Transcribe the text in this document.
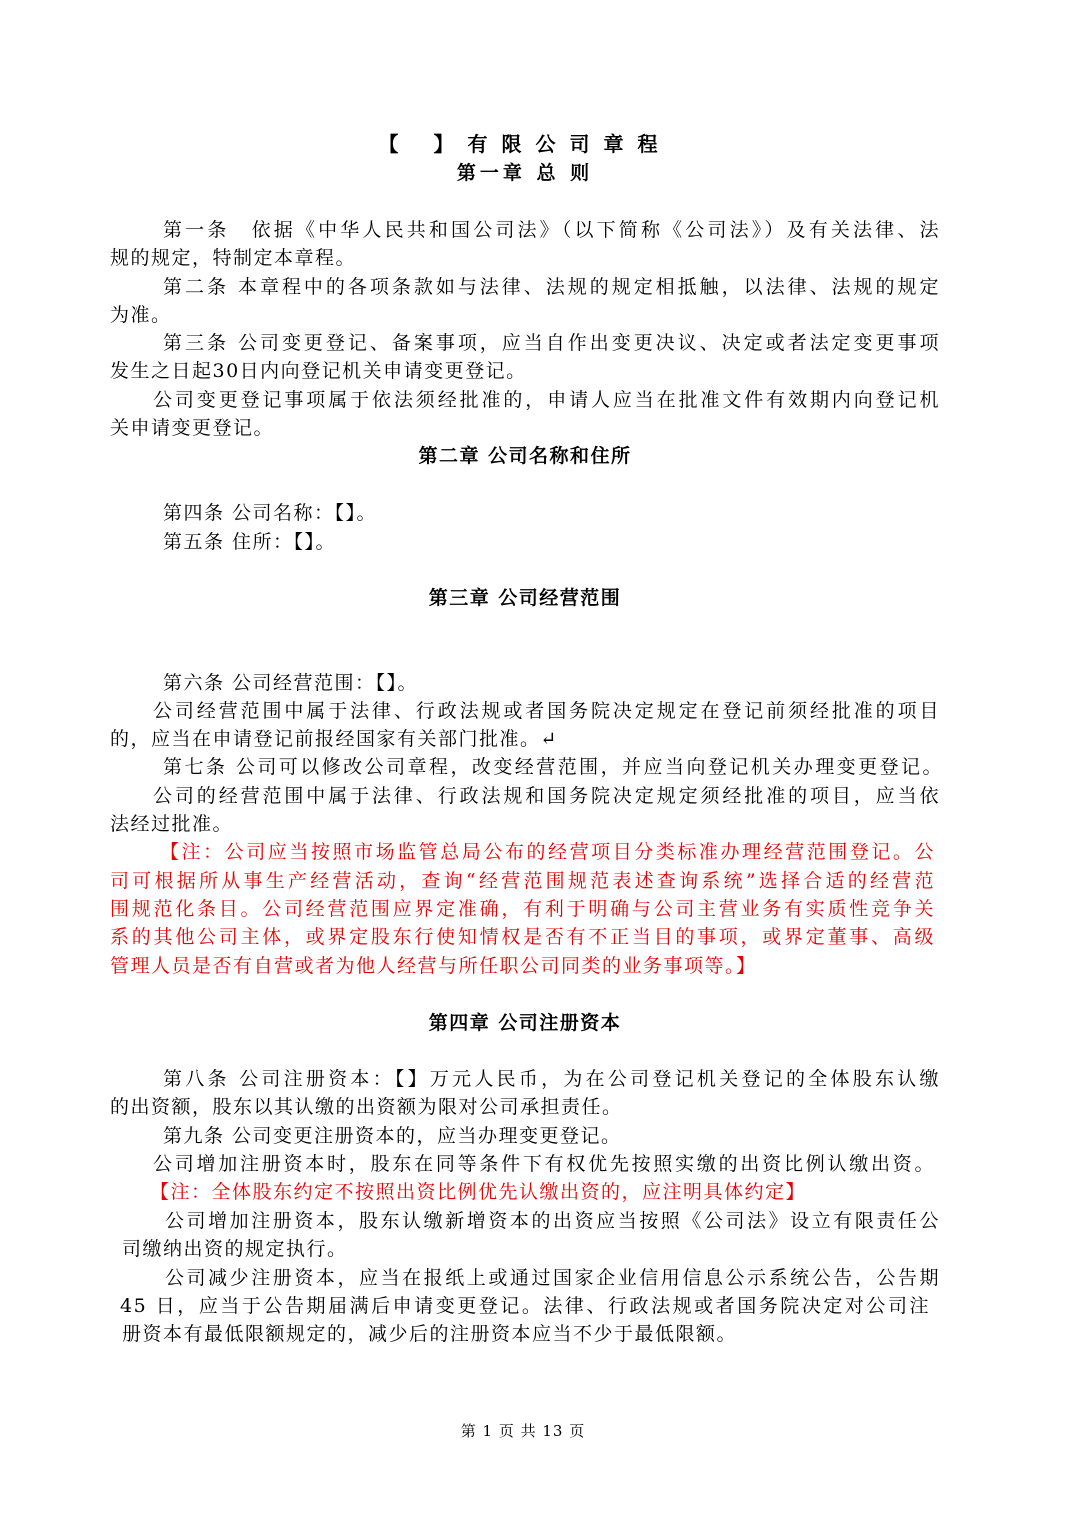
【 】有限公司章程
第一章 总 则
第一条　依据《中华人民共和国公司法》（以下简称《公司法》）及有关法律、法
规的规定，特制定本章程。
第二条 本章程中的各项条款如与法律、法规的规定相抵触，以法律、法规的规定
为准。
第三条 公司变更登记、备案事项，应当自作出变更决议、决定或者法定变更事项
发生之日起30日内向登记机关申请变更登记。
公司变更登记事项属于依法须经批准的，申请人应当在批准文件有效期内向登记机
关申请变更登记。
第二章 公司名称和住所
第四条 公司名称：【】。
第五条 住所：【】。
第三章 公司经营范围
第六条 公司经营范围：【】。
公司经营范围中属于法律、行政法规或者国务院决定规定在登记前须经批准的项目
的，应当在申请登记前报经国家有关部门批准。↵
第七条 公司可以修改公司章程，改变经营范围，并应当向登记机关办理变更登记。
公司的经营范围中属于法律、行政法规和国务院决定规定须经批准的项目，应当依
法经过批准。
【注：公司应当按照市场监管总局公布的经营项目分类标准办理经营范围登记。公
司可根据所从事生产经营活动，查询“经营范围规范表述查询系统”选择合适的经营范
围规范化条目。公司经营范围应界定准确，有利于明确与公司主营业务有实质性竞争关
系的其他公司主体，或界定股东行使知情权是否有不正当目的事项，或界定董事、高级
管理人员是否有自营或者为他人经营与所任职公司同类的业务事项等。】
第四章 公司注册资本
第八条 公司注册资本：【】万元人民币，为在公司登记机关登记的全体股东认缴
的出资额，股东以其认缴的出资额为限对公司承担责任。
第九条 公司变更注册资本的，应当办理变更登记。
公司增加注册资本时，股东在同等条件下有权优先按照实缴的出资比例认缴出资。
【注：全体股东约定不按照出资比例优先认缴出资的，应注明具体约定】
公司增加注册资本，股东认缴新增资本的出资应当按照《公司法》设立有限责任公
司缴纳出资的规定执行。
公司减少注册资本，应当在报纸上或通过国家企业信用信息公示系统公告，公告期
45 日，应当于公告期届满后申请变更登记。法律、行政法规或者国务院决定对公司注
册资本有最低限额规定的，减少后的注册资本应当不少于最低限额。
第 1 页 共 13 页
